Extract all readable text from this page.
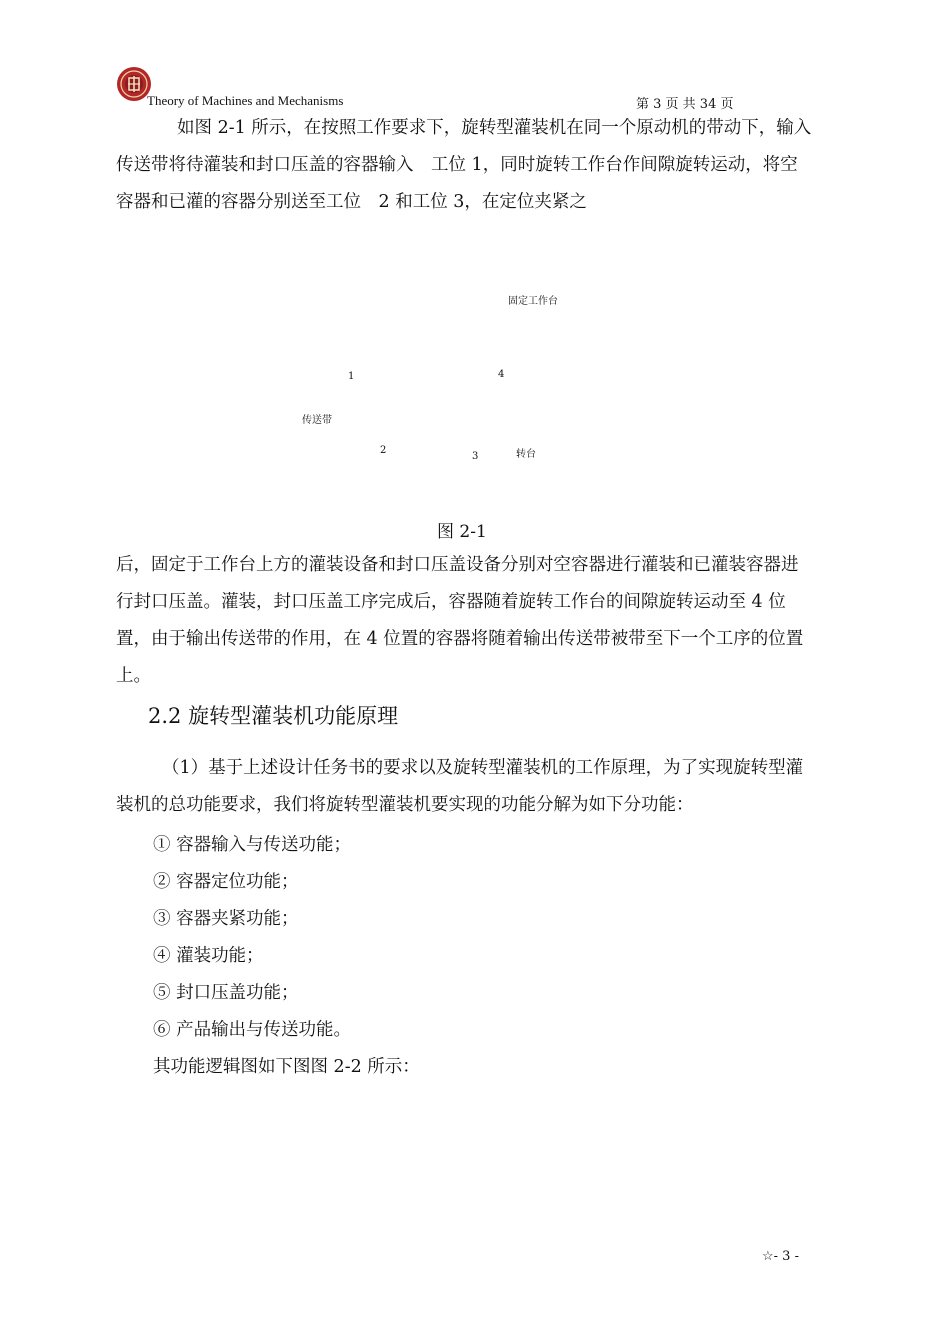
Theory of Machines and Mechanisms	第 3 页 共 34 页

如图 2-1 所示，在按照工作要求下，旋转型灌装机在同一个原动机的带动下，输入传送带将待灌装和封口压盖的容器输入　工位 1，同时旋转工作台作间隙旋转运动，将空容器和已灌的容器分别送至工位　2 和工位 3，在定位夹紧之

固定工作台
1	4
传送带
2
3	转台
图 2-1

后，固定于工作台上方的灌装设备和封口压盖设备分别对空容器进行灌装和已灌装容器进行封口压盖。灌装，封口压盖工序完成后，容器随着旋转工作台的间隙旋转运动至 4 位置，由于输出传送带的作用，在 4 位置的容器将随着输出传送带被带至下一个工序的位置上。

2.2 旋转型灌装机功能原理

（1）基于上述设计任务书的要求以及旋转型灌装机的工作原理，为了实现旋转型灌装机的总功能要求，我们将旋转型灌装机要实现的功能分解为如下分功能：

① 容器输入与传送功能；
② 容器定位功能；
③ 容器夹紧功能；
④ 灌装功能；
⑤ 封口压盖功能；
⑥ 产品输出与传送功能。
其功能逻辑图如下图图 2-2 所示：
☆- 3 -
